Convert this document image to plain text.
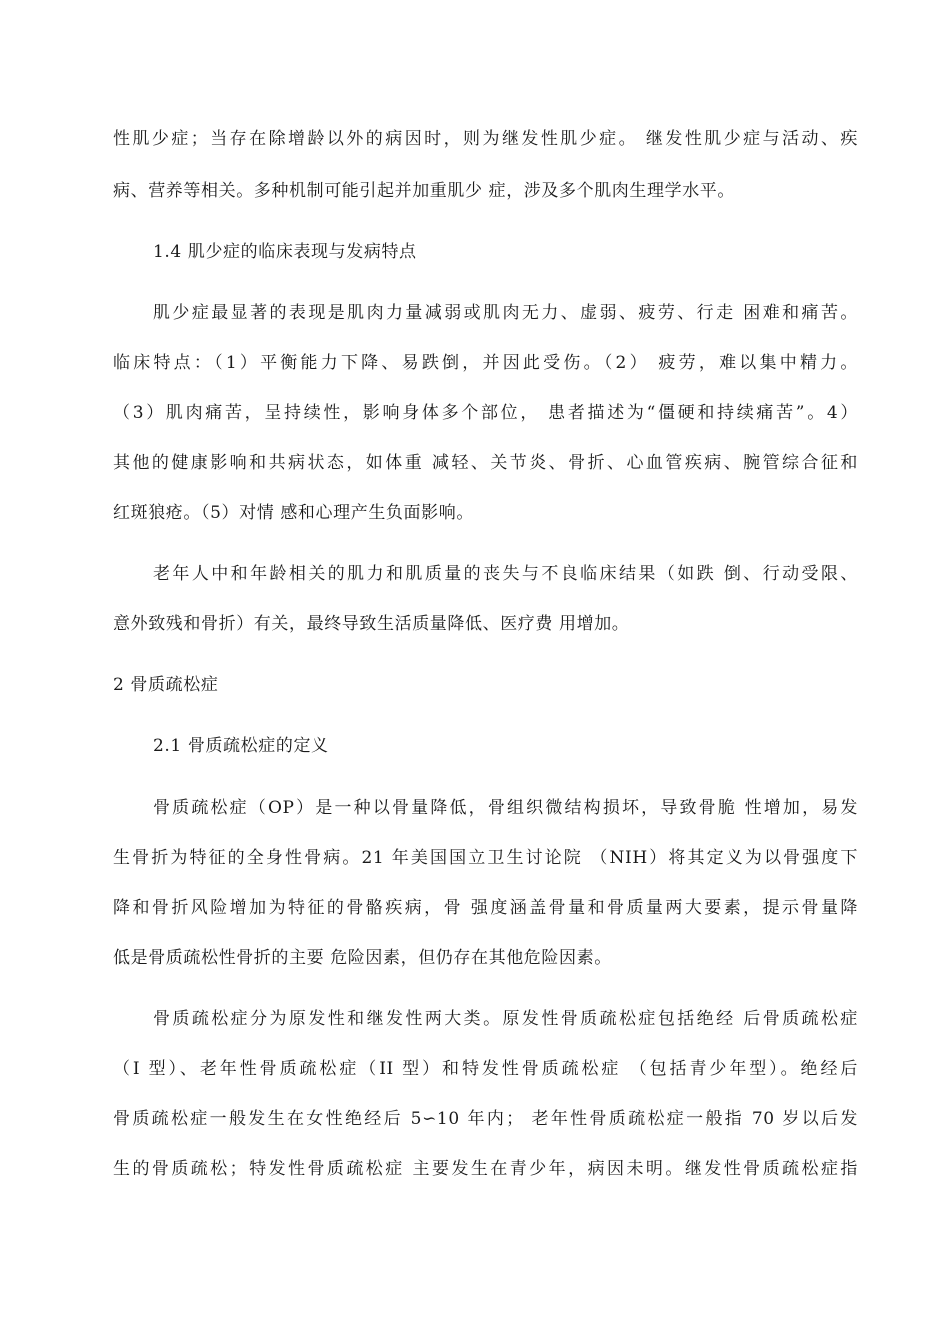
性肌少症；当存在除增龄以外的病因时，则为继发性肌少症。 继发性肌少症与活动、疾
病、营养等相关。多种机制可能引起并加重肌少 症，涉及多个肌肉生理学水平。
1.4 肌少症的临床表现与发病特点
肌少症最显著的表现是肌肉力量减弱或肌肉无力、虚弱、疲劳、行走 困难和痛苦。
临床特点：（1）平衡能力下降、易跌倒，并因此受伤。（2） 疲劳，难以集中精力。
（3）肌肉痛苦，呈持续性，影响身体多个部位， 患者描述为“僵硬和持续痛苦”。4）
其他的健康影响和共病状态，如体重 减轻、关节炎、骨折、心血管疾病、腕管综合征和
红斑狼疮。（5）对情 感和心理产生负面影响。
老年人中和年龄相关的肌力和肌质量的丧失与不良临床结果（如跌 倒、行动受限、
意外致残和骨折）有关，最终导致生活质量降低、医疗费 用增加。
2 骨质疏松症
2.1 骨质疏松症的定义
骨质疏松症（OP）是一种以骨量降低，骨组织微结构损坏，导致骨脆 性增加，易发
生骨折为特征的全身性骨病。21 年美国国立卫生讨论院 （NIH）将其定义为以骨强度下
降和骨折风险增加为特征的骨骼疾病，骨 强度涵盖骨量和骨质量两大要素，提示骨量降
低是骨质疏松性骨折的主要 危险因素，但仍存在其他危险因素。
骨质疏松症分为原发性和继发性两大类。原发性骨质疏松症包括绝经 后骨质疏松症
（I 型）、老年性骨质疏松症（II 型）和特发性骨质疏松症 （包括青少年型）。绝经后
骨质疏松症一般发生在女性绝经后 5∽10 年内； 老年性骨质疏松症一般指 70 岁以后发
生的骨质疏松；特发性骨质疏松症 主要发生在青少年，病因未明。继发性骨质疏松症指
